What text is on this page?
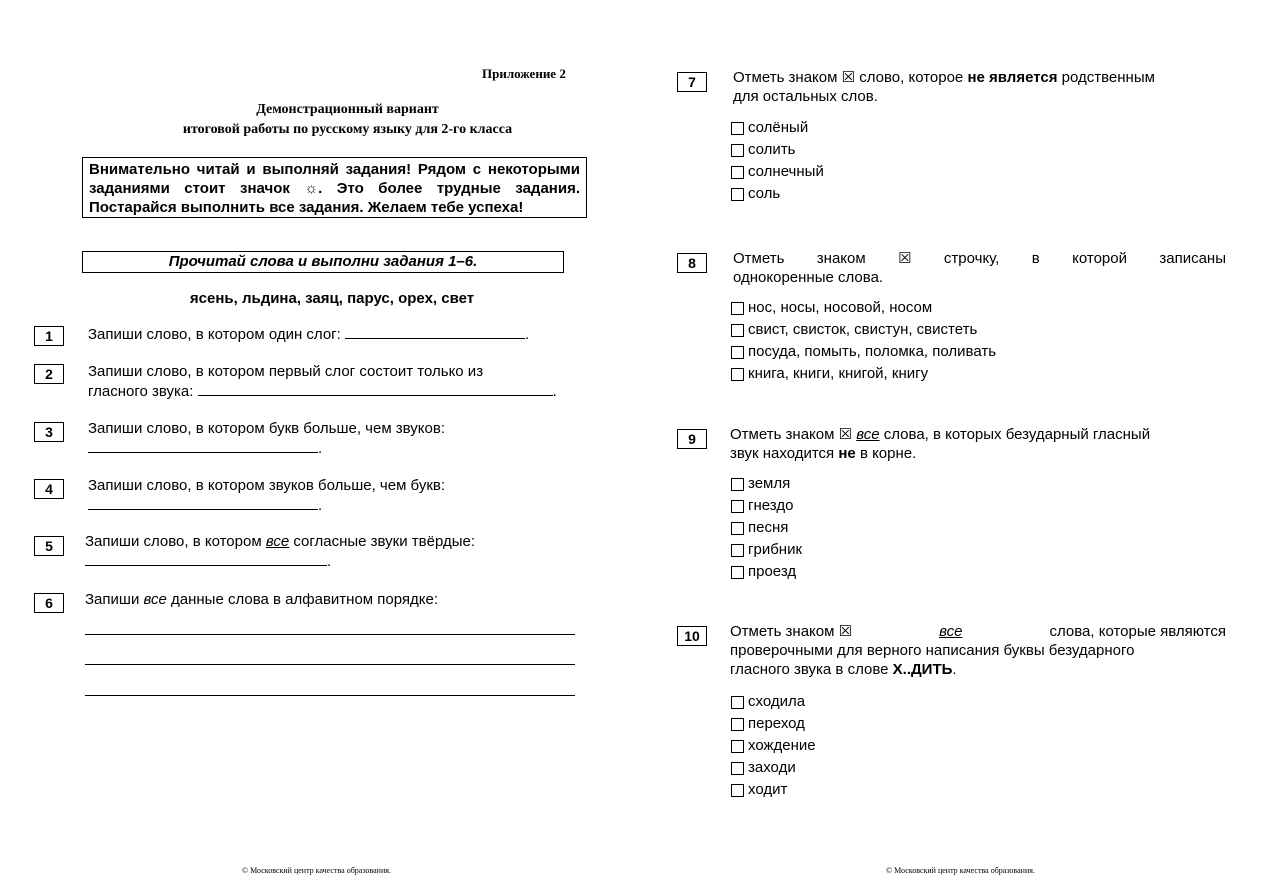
Приложение 2
Демонстрационный вариант
итоговой работы по русскому языку для 2-го класса
Внимательно читай и выполняй задания! Рядом с некоторыми заданиями стоит значок ☼. Это более трудные задания. Постарайся выполнить все задания. Желаем тебе успеха!
Прочитай слова и выполни задания 1–6.
ясень, льдина, заяц, парус, орех, свет
1	Запиши слово, в котором один слог:	.
2	Запиши слово, в котором первый слог состоит только из
гласного звука:	.
3	Запиши слово, в котором букв больше, чем звуков:
.
4	Запиши слово, в котором звуков больше, чем букв:
.
5	Запиши слово, в котором все согласные звуки твёрдые:
.
6	Запиши все данные слова в алфавитном порядке:
© Московский центр качества образования.
7	Отметь знаком ☒ слово, которое не является родственным
для остальных слов.
солёный
солить
солнечный
соль
8	Отметь знаком ☒ строчку, в которой записаны
однокоренные слова.
нос, носы, носовой, носом
свист, свисток, свистун, свистеть
посуда, помыть, поломка, поливать
книга, книги, книгой, книгу
9	Отметь знаком ☒ все слова, в которых безударный гласный
звук находится не в корне.
земля
гнездо
песня
грибник
проезд
10	Отметь знаком ☒	все	слова, которые являются
проверочными для верного написания буквы безударного
гласного звука в слове Х..ДИТЬ.
сходила
переход
хождение
заходи
ходит
© Московский центр качества образования.
